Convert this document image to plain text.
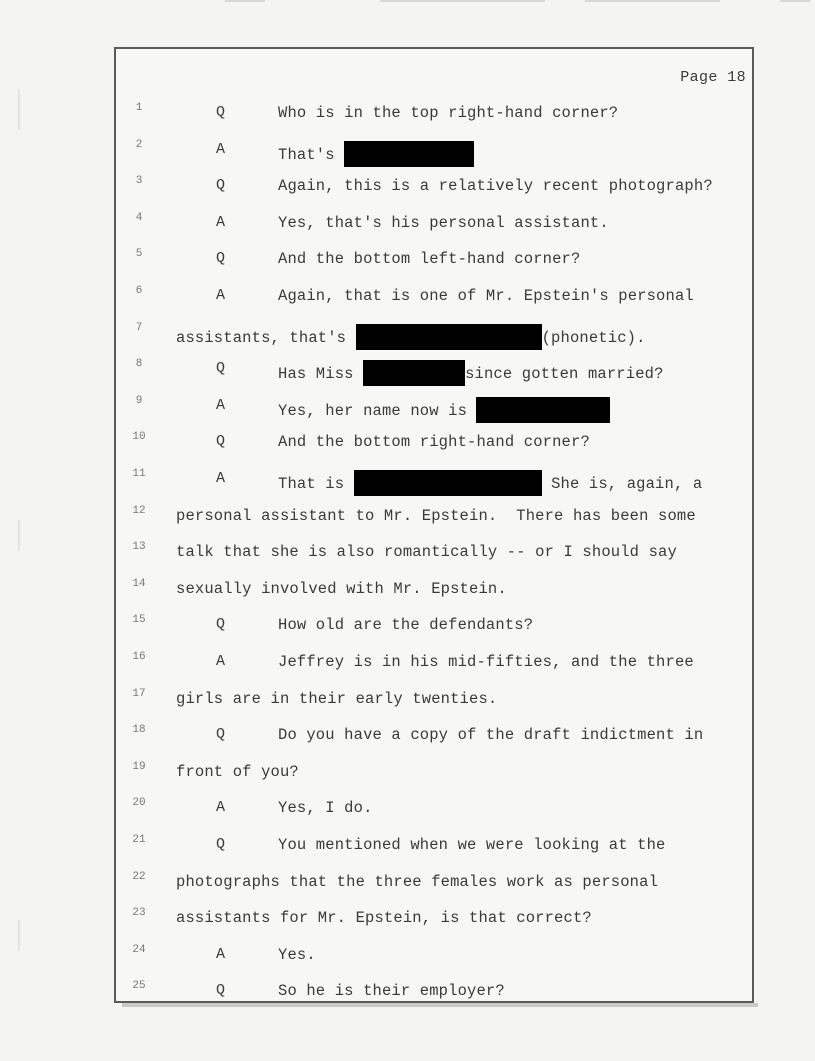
Page 18
1	Q	Who is in the top right-hand corner?
2	A	That's
3	Q	Again, this is a relatively recent photograph?
4	A	Yes, that's his personal assistant.
5	Q	And the bottom left-hand corner?
6	A	Again, that is one of Mr. Epstein's personal
7
assistants, that's	(phonetic).
8	Q	Has Miss	since gotten married?
9	A	Yes, her name now is
10	Q	And the bottom right-hand corner?
11	A	That is	She is, again, a
12 personal assistant to Mr. Epstein.  There has been some
13 talk that she is also romantically -- or I should say
14 sexually involved with Mr. Epstein.
15	Q	How old are the defendants?
16	A	Jeffrey is in his mid-fifties, and the three
17 girls are in their early twenties.
18	Q	Do you have a copy of the draft indictment in
19 front of you?
20	A	Yes, I do.
21	Q	You mentioned when we were looking at the
22 photographs that the three females work as personal
23 assistants for Mr. Epstein, is that correct?
24	A	Yes.
25	Q	So he is their employer?
